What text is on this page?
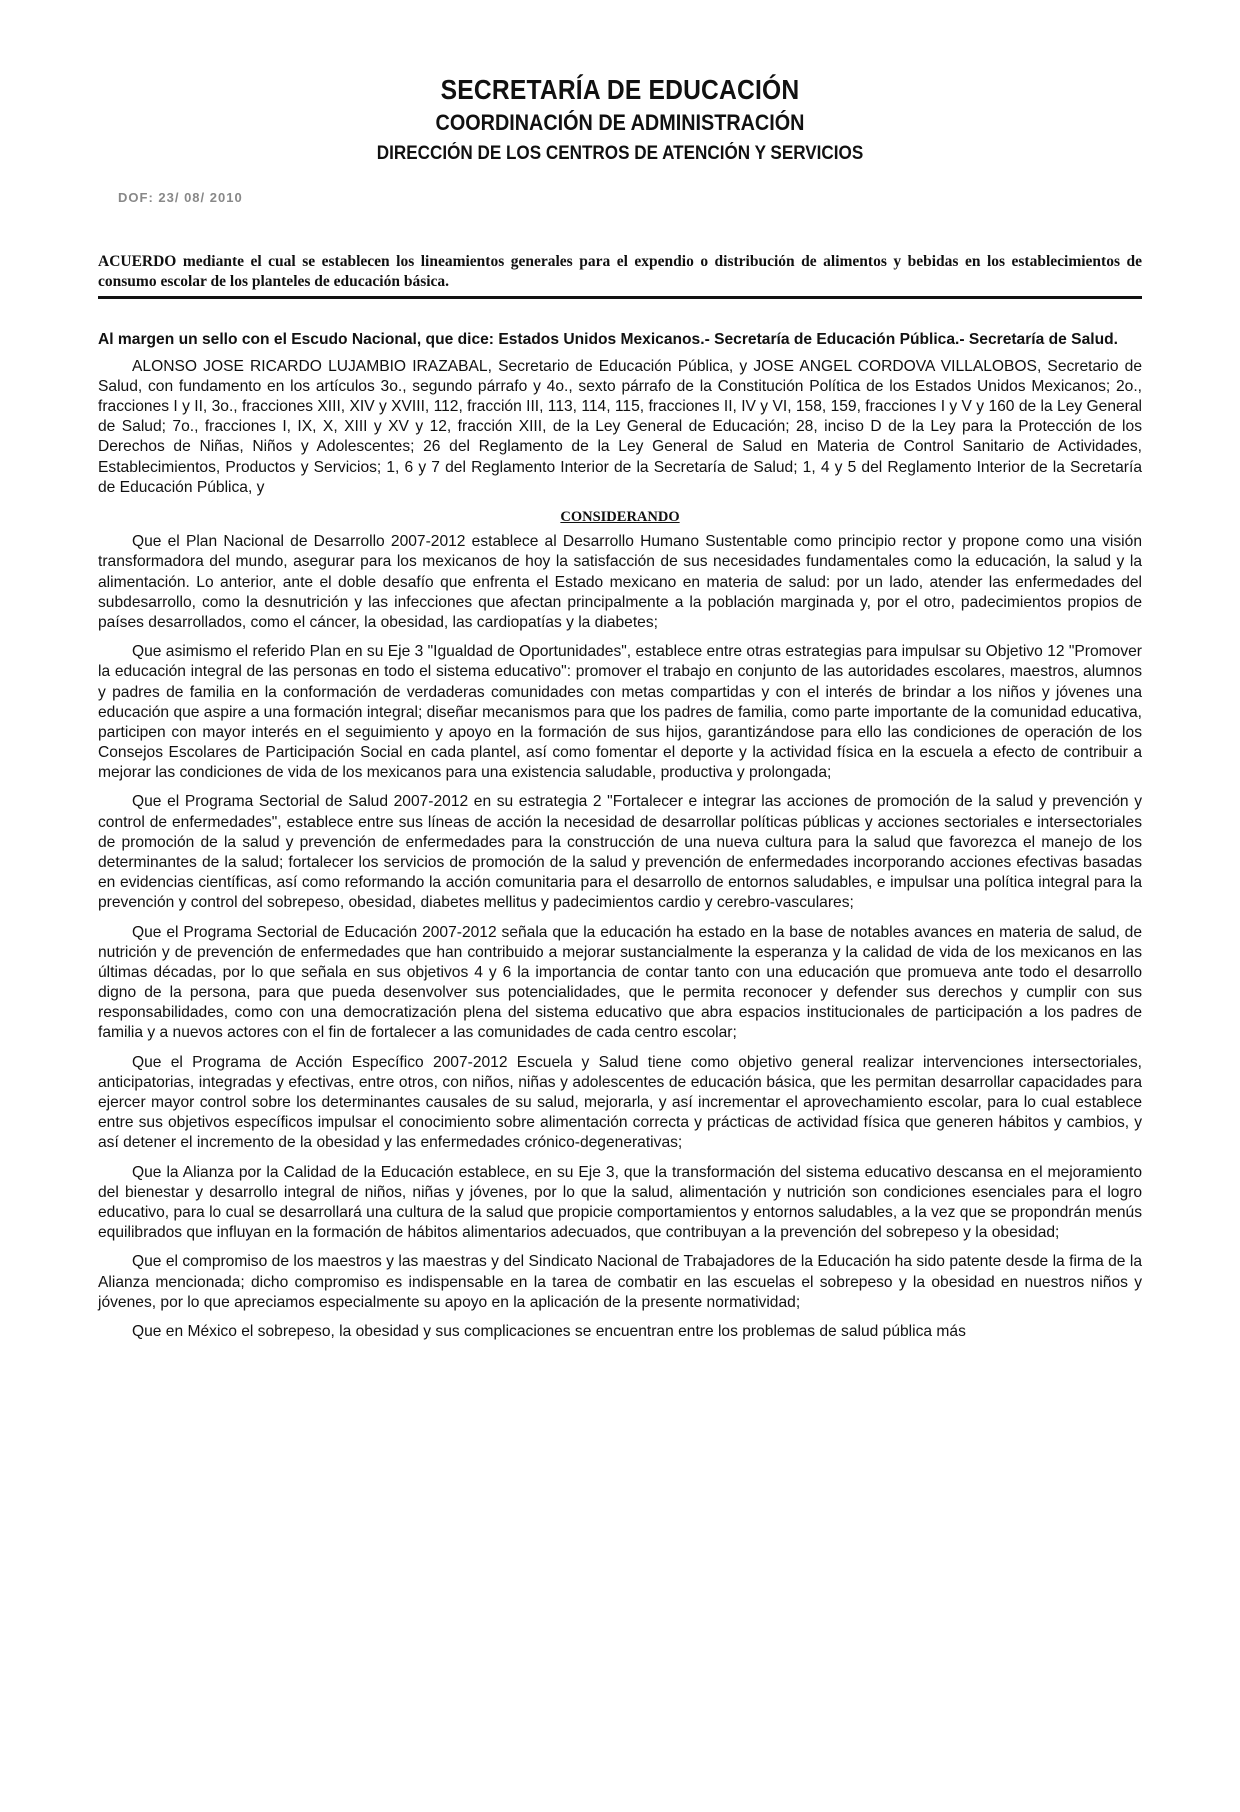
SECRETARÍA DE EDUCACIÓN
COORDINACIÓN DE ADMINISTRACIÓN
DIRECCIÓN DE LOS CENTROS DE ATENCIÓN Y SERVICIOS
DOF: 23/ 08/ 2010
ACUERDO mediante el cual se establecen los lineamientos generales para el expendio o distribución de alimentos y bebidas en los establecimientos de consumo escolar de los planteles de educación básica.

Al margen un sello con el Escudo Nacional, que dice: Estados Unidos Mexicanos.- Secretaría de Educación Pública.- Secretaría de Salud.

ALONSO JOSE RICARDO LUJAMBIO IRAZABAL, Secretario de Educación Pública, y JOSE ANGEL CORDOVA VILLALOBOS, Secretario de Salud, con fundamento en los artículos 3o., segundo párrafo y 4o., sexto párrafo de la Constitución Política de los Estados Unidos Mexicanos; 2o., fracciones I y II, 3o., fracciones XIII, XIV y XVIII, 112, fracción III, 113, 114, 115, fracciones II, IV y VI, 158, 159, fracciones I y V y 160 de la Ley General de Salud; 7o., fracciones I, IX, X, XIII y XV y 12, fracción XIII, de la Ley General de Educación; 28, inciso D de la Ley para la Protección de los Derechos de Niñas, Niños y Adolescentes; 26 del Reglamento de la Ley General de Salud en Materia de Control Sanitario de Actividades, Establecimientos, Productos y Servicios; 1, 6 y 7 del Reglamento Interior de la Secretaría de Salud; 1, 4 y 5 del Reglamento Interior de la Secretaría de Educación Pública, y

CONSIDERANDO

Que el Plan Nacional de Desarrollo 2007-2012 establece al Desarrollo Humano Sustentable como principio rector y propone como una visión transformadora del mundo, asegurar para los mexicanos de hoy la satisfacción de sus necesidades fundamentales como la educación, la salud y la alimentación. Lo anterior, ante el doble desafío que enfrenta el Estado mexicano en materia de salud: por un lado, atender las enfermedades del subdesarrollo, como la desnutrición y las infecciones que afectan principalmente a la población marginada y, por el otro, padecimientos propios de países desarrollados, como el cáncer, la obesidad, las cardiopatías y la diabetes;

Que asimismo el referido Plan en su Eje 3 "Igualdad de Oportunidades", establece entre otras estrategias para impulsar su Objetivo 12 "Promover la educación integral de las personas en todo el sistema educativo": promover el trabajo en conjunto de las autoridades escolares, maestros, alumnos y padres de familia en la conformación de verdaderas comunidades con metas compartidas y con el interés de brindar a los niños y jóvenes una educación que aspire a una formación integral; diseñar mecanismos para que los padres de familia, como parte importante de la comunidad educativa, participen con mayor interés en el seguimiento y apoyo en la formación de sus hijos, garantizándose para ello las condiciones de operación de los Consejos Escolares de Participación Social en cada plantel, así como fomentar el deporte y la actividad física en la escuela a efecto de contribuir a mejorar las condiciones de vida de los mexicanos para una existencia saludable, productiva y prolongada;

Que el Programa Sectorial de Salud 2007-2012 en su estrategia 2 "Fortalecer e integrar las acciones de promoción de la salud y prevención y control de enfermedades", establece entre sus líneas de acción la necesidad de desarrollar políticas públicas y acciones sectoriales e intersectoriales de promoción de la salud y prevención de enfermedades para la construcción de una nueva cultura para la salud que favorezca el manejo de los determinantes de la salud; fortalecer los servicios de promoción de la salud y prevención de enfermedades incorporando acciones efectivas basadas en evidencias científicas, así como reformando la acción comunitaria para el desarrollo de entornos saludables, e impulsar una política integral para la prevención y control del sobrepeso, obesidad, diabetes mellitus y padecimientos cardio y cerebro-vasculares;

Que el Programa Sectorial de Educación 2007-2012 señala que la educación ha estado en la base de notables avances en materia de salud, de nutrición y de prevención de enfermedades que han contribuido a mejorar sustancialmente la esperanza y la calidad de vida de los mexicanos en las últimas décadas, por lo que señala en sus objetivos 4 y 6 la importancia de contar tanto con una educación que promueva ante todo el desarrollo digno de la persona, para que pueda desenvolver sus potencialidades, que le permita reconocer y defender sus derechos y cumplir con sus responsabilidades, como con una democratización plena del sistema educativo que abra espacios institucionales de participación a los padres de familia y a nuevos actores con el fin de fortalecer a las comunidades de cada centro escolar;

Que el Programa de Acción Específico 2007-2012 Escuela y Salud tiene como objetivo general realizar intervenciones intersectoriales, anticipatorias, integradas y efectivas, entre otros, con niños, niñas y adolescentes de educación básica, que les permitan desarrollar capacidades para ejercer mayor control sobre los determinantes causales de su salud, mejorarla, y así incrementar el aprovechamiento escolar, para lo cual establece entre sus objetivos específicos impulsar el conocimiento sobre alimentación correcta y prácticas de actividad física que generen hábitos y cambios, y así detener el incremento de la obesidad y las enfermedades crónico-degenerativas;

Que la Alianza por la Calidad de la Educación establece, en su Eje 3, que la transformación del sistema educativo descansa en el mejoramiento del bienestar y desarrollo integral de niños, niñas y jóvenes, por lo que la salud, alimentación y nutrición son condiciones esenciales para el logro educativo, para lo cual se desarrollará una cultura de la salud que propicie comportamientos y entornos saludables, a la vez que se propondrán menús equilibrados que influyan en la formación de hábitos alimentarios adecuados, que contribuyan a la prevención del sobrepeso y la obesidad;

Que el compromiso de los maestros y las maestras y del Sindicato Nacional de Trabajadores de la Educación ha sido patente desde la firma de la Alianza mencionada; dicho compromiso es indispensable en la tarea de combatir en las escuelas el sobrepeso y la obesidad en nuestros niños y jóvenes, por lo que apreciamos especialmente su apoyo en la aplicación de la presente normatividad;

Que en México el sobrepeso, la obesidad y sus complicaciones se encuentran entre los problemas de salud pública más
